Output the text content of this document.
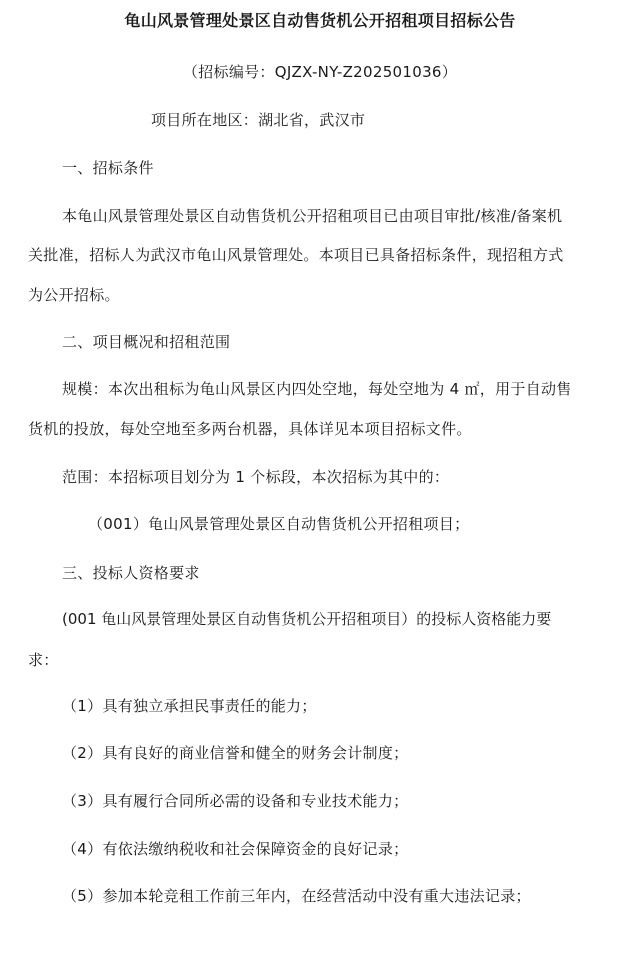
龟山风景管理处景区自动售货机公开招租项目招标公告
（招标编号：QJZX-NY-Z202501036）
项目所在地区：湖北省，武汉市
一、招标条件
本龟山风景管理处景区自动售货机公开招租项目已由项目审批/核准/备案机
关批准，招标人为武汉市龟山风景管理处。本项目已具备招标条件，现招租方式
为公开招标。
二、项目概况和招租范围
规模：本次出租标为龟山风景区内四处空地，每处空地为 4 ㎡，用于自动售
货机的投放，每处空地至多两台机器，具体详见本项目招标文件。
范围：本招标项目划分为 1 个标段，本次招标为其中的：
（001）龟山风景管理处景区自动售货机公开招租项目；
三、投标人资格要求
(001 龟山风景管理处景区自动售货机公开招租项目）的投标人资格能力要
求：
（1）具有独立承担民事责任的能力；
（2）具有良好的商业信誉和健全的财务会计制度；
（3）具有履行合同所必需的设备和专业技术能力；
（4）有依法缴纳税收和社会保障资金的良好记录；
（5）参加本轮竞租工作前三年内，在经营活动中没有重大违法记录；
